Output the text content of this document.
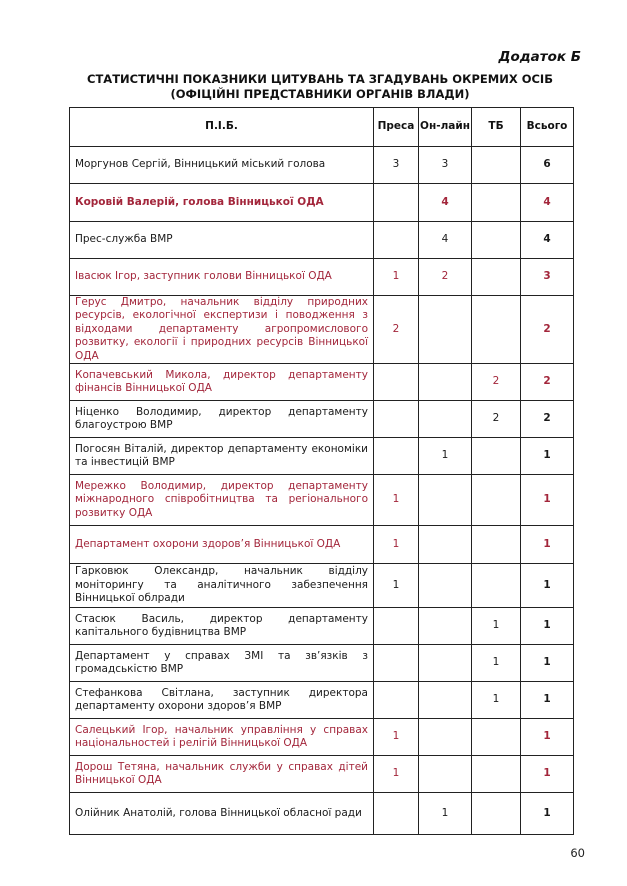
Додаток Б
СТАТИСТИЧНІ ПОКАЗНИКИ ЦИТУВАНЬ ТА ЗГАДУВАНЬ ОКРЕМИХ ОСІБ (ОФІЦІЙНІ ПРЕДСТАВНИКИ ОРГАНІВ ВЛАДИ)
П.І.Б.	Преса	Он-лайн	ТБ	Всього
Моргунов Сергій, Вінницький міський голова	3	3		6
Коровій Валерій, голова Вінницької ОДА		4		4
Прес-служба ВМР		4		4
Івасюк Ігор, заступник голови Вінницької ОДА	1	2		3
Герус Дмитро, начальник відділу природних ресурсів, екологічної експертизи і поводження з відходами департаменту агропромислового розвитку, екології і природних ресурсів Вінницької ОДА	2			2
Копачевський Микола, директор департаменту фінансів Вінницької ОДА			2	2
Ніценко Володимир, директор департаменту благоустрою ВМР			2	2
Погосян Віталій, директор департаменту економіки та інвестицій ВМР		1		1
Мережко Володимир, директор департаменту міжнародного співробітництва та регіонального розвитку ОДА	1			1
Департамент охорони здоров’я Вінницької ОДА	1			1
Гарковюк Олександр, начальник відділу моніторингу та аналітичного забезпечення Вінницької облради	1			1
Стасюк Василь, директор департаменту капітального будівництва ВМР			1	1
Департамент у справах ЗМІ та зв’язків з громадськістю ВМР			1	1
Стефанкова Світлана, заступник директора департаменту охорони здоров’я ВМР			1	1
Салецький Ігор, начальник управління у справах національностей і релігій Вінницької ОДА	1			1
Дорош Тетяна, начальник служби у справах дітей Вінницької ОДА	1			1
Олійник Анатолій, голова Вінницької обласної ради		1		1
60
